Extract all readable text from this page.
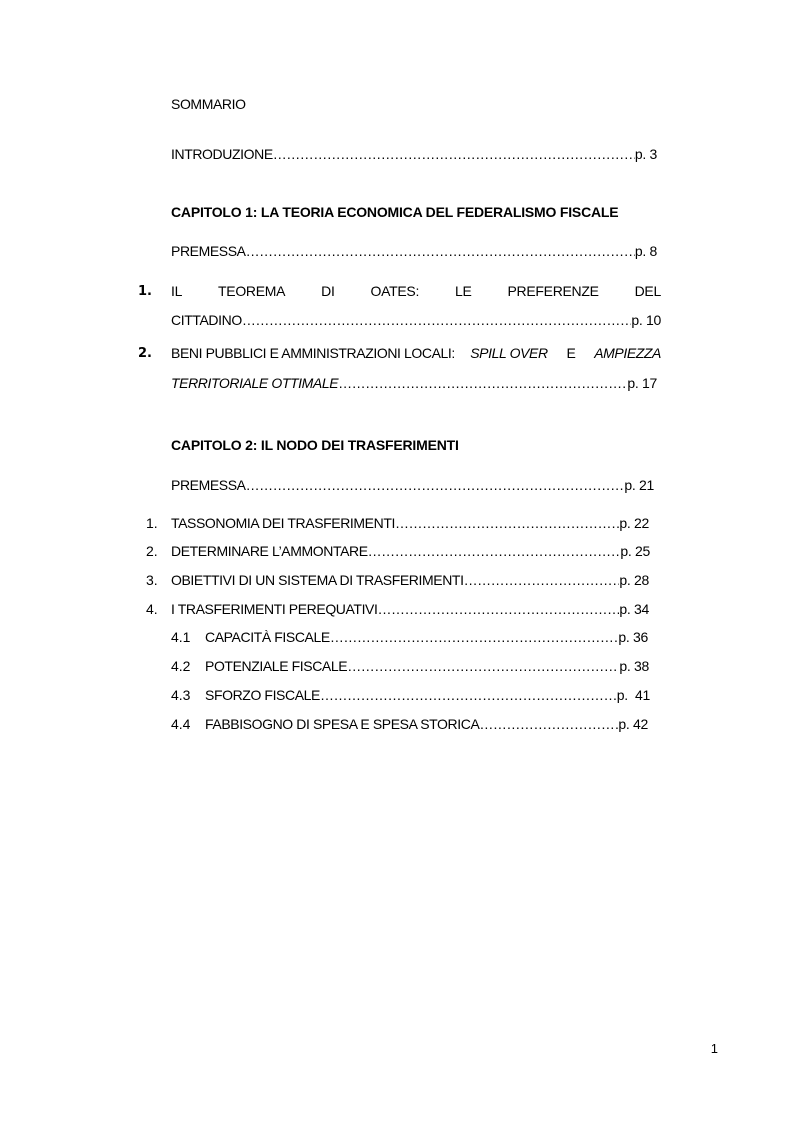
SOMMARIO
INTRODUZIONE ……………………………………………………………………………………………………………………………………………………………………………………………………………	p. 3
CAPITOLO 1: LA TEORIA ECONOMICA DEL FEDERALISMO FISCALE
PREMESSA ……………………………………………………………………………………………………………………………………………………………………………………………………………	p. 8
1. IL	TEOREMA	DI	OATES:	LE	PREFERENZE	DEL
CITTADINO ……………………………………………………………………………………………………………………………………………………………………………………………………………	p. 10
2. BENI PUBBLICI E AMMINISTRAZIONI LOCALI: SPILL OVER E AMPIEZZA
TERRITORIALE OTTIMALE ……………………………………………………………………………………………………………………………………………………………………………………………………………	p. 17
CAPITOLO 2: IL NODO DEI TRASFERIMENTI
PREMESSA ……………………………………………………………………………………………………………………………………………………………………………………………………………	p. 21
1. TASSONOMIA DEI TRASFERIMENTI ……………………………………………………………………………………………………………………………………………………………………………………………………………	p. 22
2. DETERMINARE L’AMMONTARE ……………………………………………………………………………………………………………………………………………………………………………………………………………	p. 25
3. OBIETTIVI DI UN SISTEMA DI TRASFERIMENTI ……………………………………………………………………………………………………………………………………………………………………………………………………………	p. 28
4. I TRASFERIMENTI PEREQUATIVI ……………………………………………………………………………………………………………………………………………………………………………………………………………	p. 34
4.1 CAPACITÀ FISCALE ……………………………………………………………………………………………………………………………………………………………………………………………………………	p. 36
4.2 POTENZIALE FISCALE ……………………………………………………………………………………………………………………………………………………………………………………………………………	p. 38
4.3 SFORZO FISCALE ……………………………………………………………………………………………………………………………………………………………………………………………………………	p.  41
4.4 FABBISOGNO DI SPESA E SPESA STORICA ……………………………………………………………………………………………………………………………………………………………………………………………………………	p. 42
1
